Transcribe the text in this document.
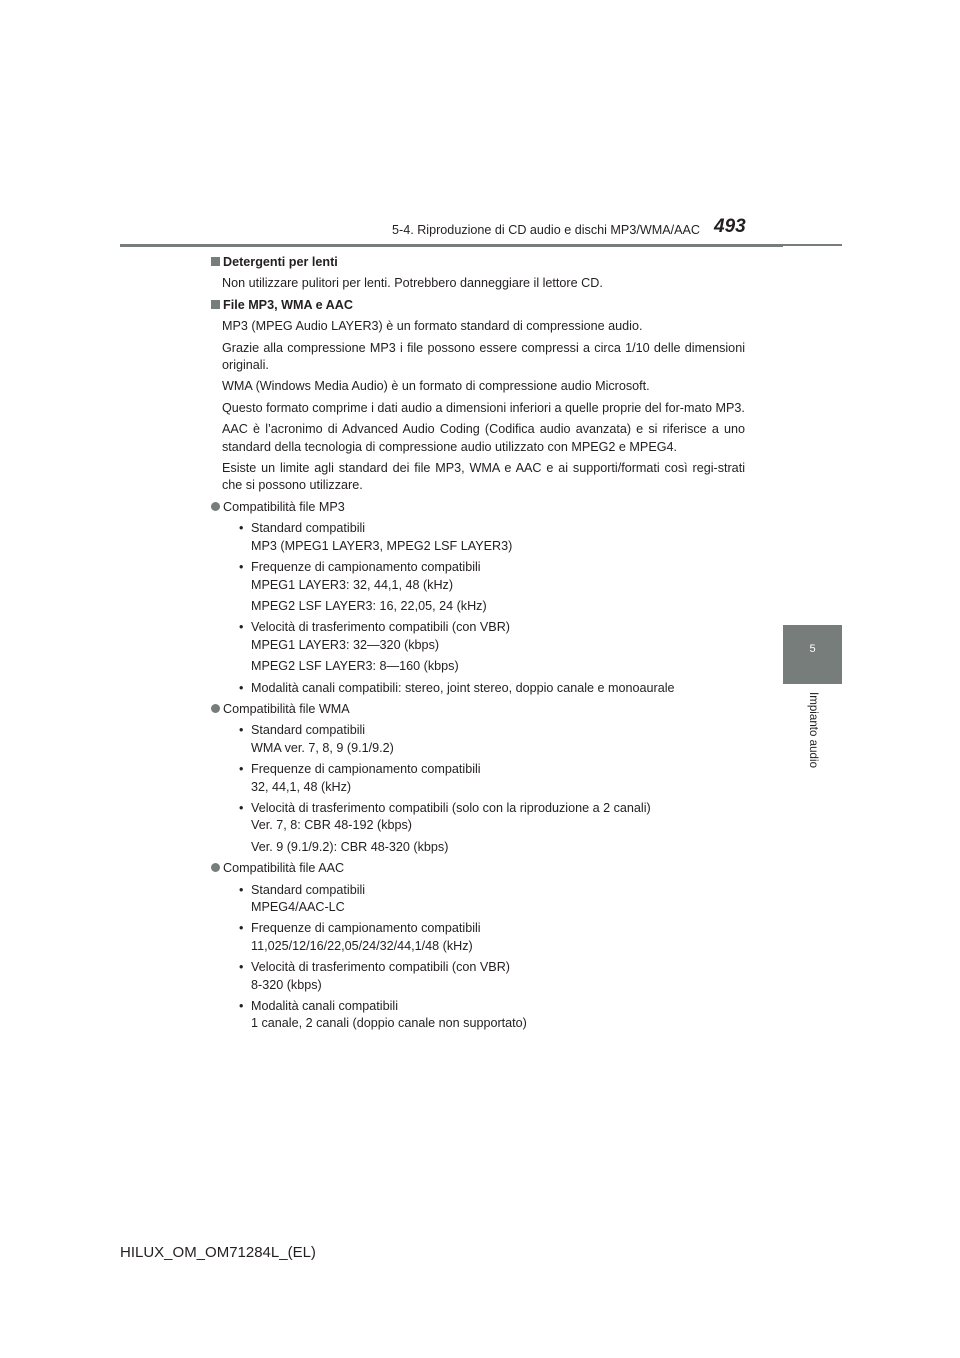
5-4. Riproduzione di CD audio e dischi MP3/WMA/AAC 493
5
Impianto audio
Detergenti per lenti

Non utilizzare pulitori per lenti. Potrebbero danneggiare il lettore CD.

File MP3, WMA e AAC

MP3 (MPEG Audio LAYER3) è un formato standard di compressione audio.

Grazie alla compressione MP3 i file possono essere compressi a circa 1/10 delle dimensioni originali.

WMA (Windows Media Audio) è un formato di compressione audio Microsoft.

Questo formato comprime i dati audio a dimensioni inferiori a quelle proprie del for-mato MP3.

AAC è l’acronimo di Advanced Audio Coding (Codifica audio avanzata) e si riferisce a uno standard della tecnologia di compressione audio utilizzato con MPEG2 e MPEG4.

Esiste un limite agli standard dei file MP3, WMA e AAC e ai supporti/formati così regi-strati che si possono utilizzare.

Compatibilità file MP3
• Standard compatibili
MP3 (MPEG1 LAYER3, MPEG2 LSF LAYER3)
• Frequenze di campionamento compatibili
MPEG1 LAYER3: 32, 44,1, 48 (kHz)
MPEG2 LSF LAYER3: 16, 22,05, 24 (kHz)
• Velocità di trasferimento compatibili (con VBR)
MPEG1 LAYER3: 32—320 (kbps)
MPEG2 LSF LAYER3: 8—160 (kbps)
• Modalità canali compatibili: stereo, joint stereo, doppio canale e monoaurale
Compatibilità file WMA
• Standard compatibili
WMA ver. 7, 8, 9 (9.1/9.2)
• Frequenze di campionamento compatibili
32, 44,1, 48 (kHz)
• Velocità di trasferimento compatibili (solo con la riproduzione a 2 canali)
Ver. 7, 8: CBR 48-192 (kbps)
Ver. 9 (9.1/9.2): CBR 48-320 (kbps)
Compatibilità file AAC
• Standard compatibili
MPEG4/AAC-LC
• Frequenze di campionamento compatibili
11,025/12/16/22,05/24/32/44,1/48 (kHz)
• Velocità di trasferimento compatibili (con VBR)
8-320 (kbps)
• Modalità canali compatibili
1 canale, 2 canali (doppio canale non supportato)
HILUX_OM_OM71284L_(EL)
